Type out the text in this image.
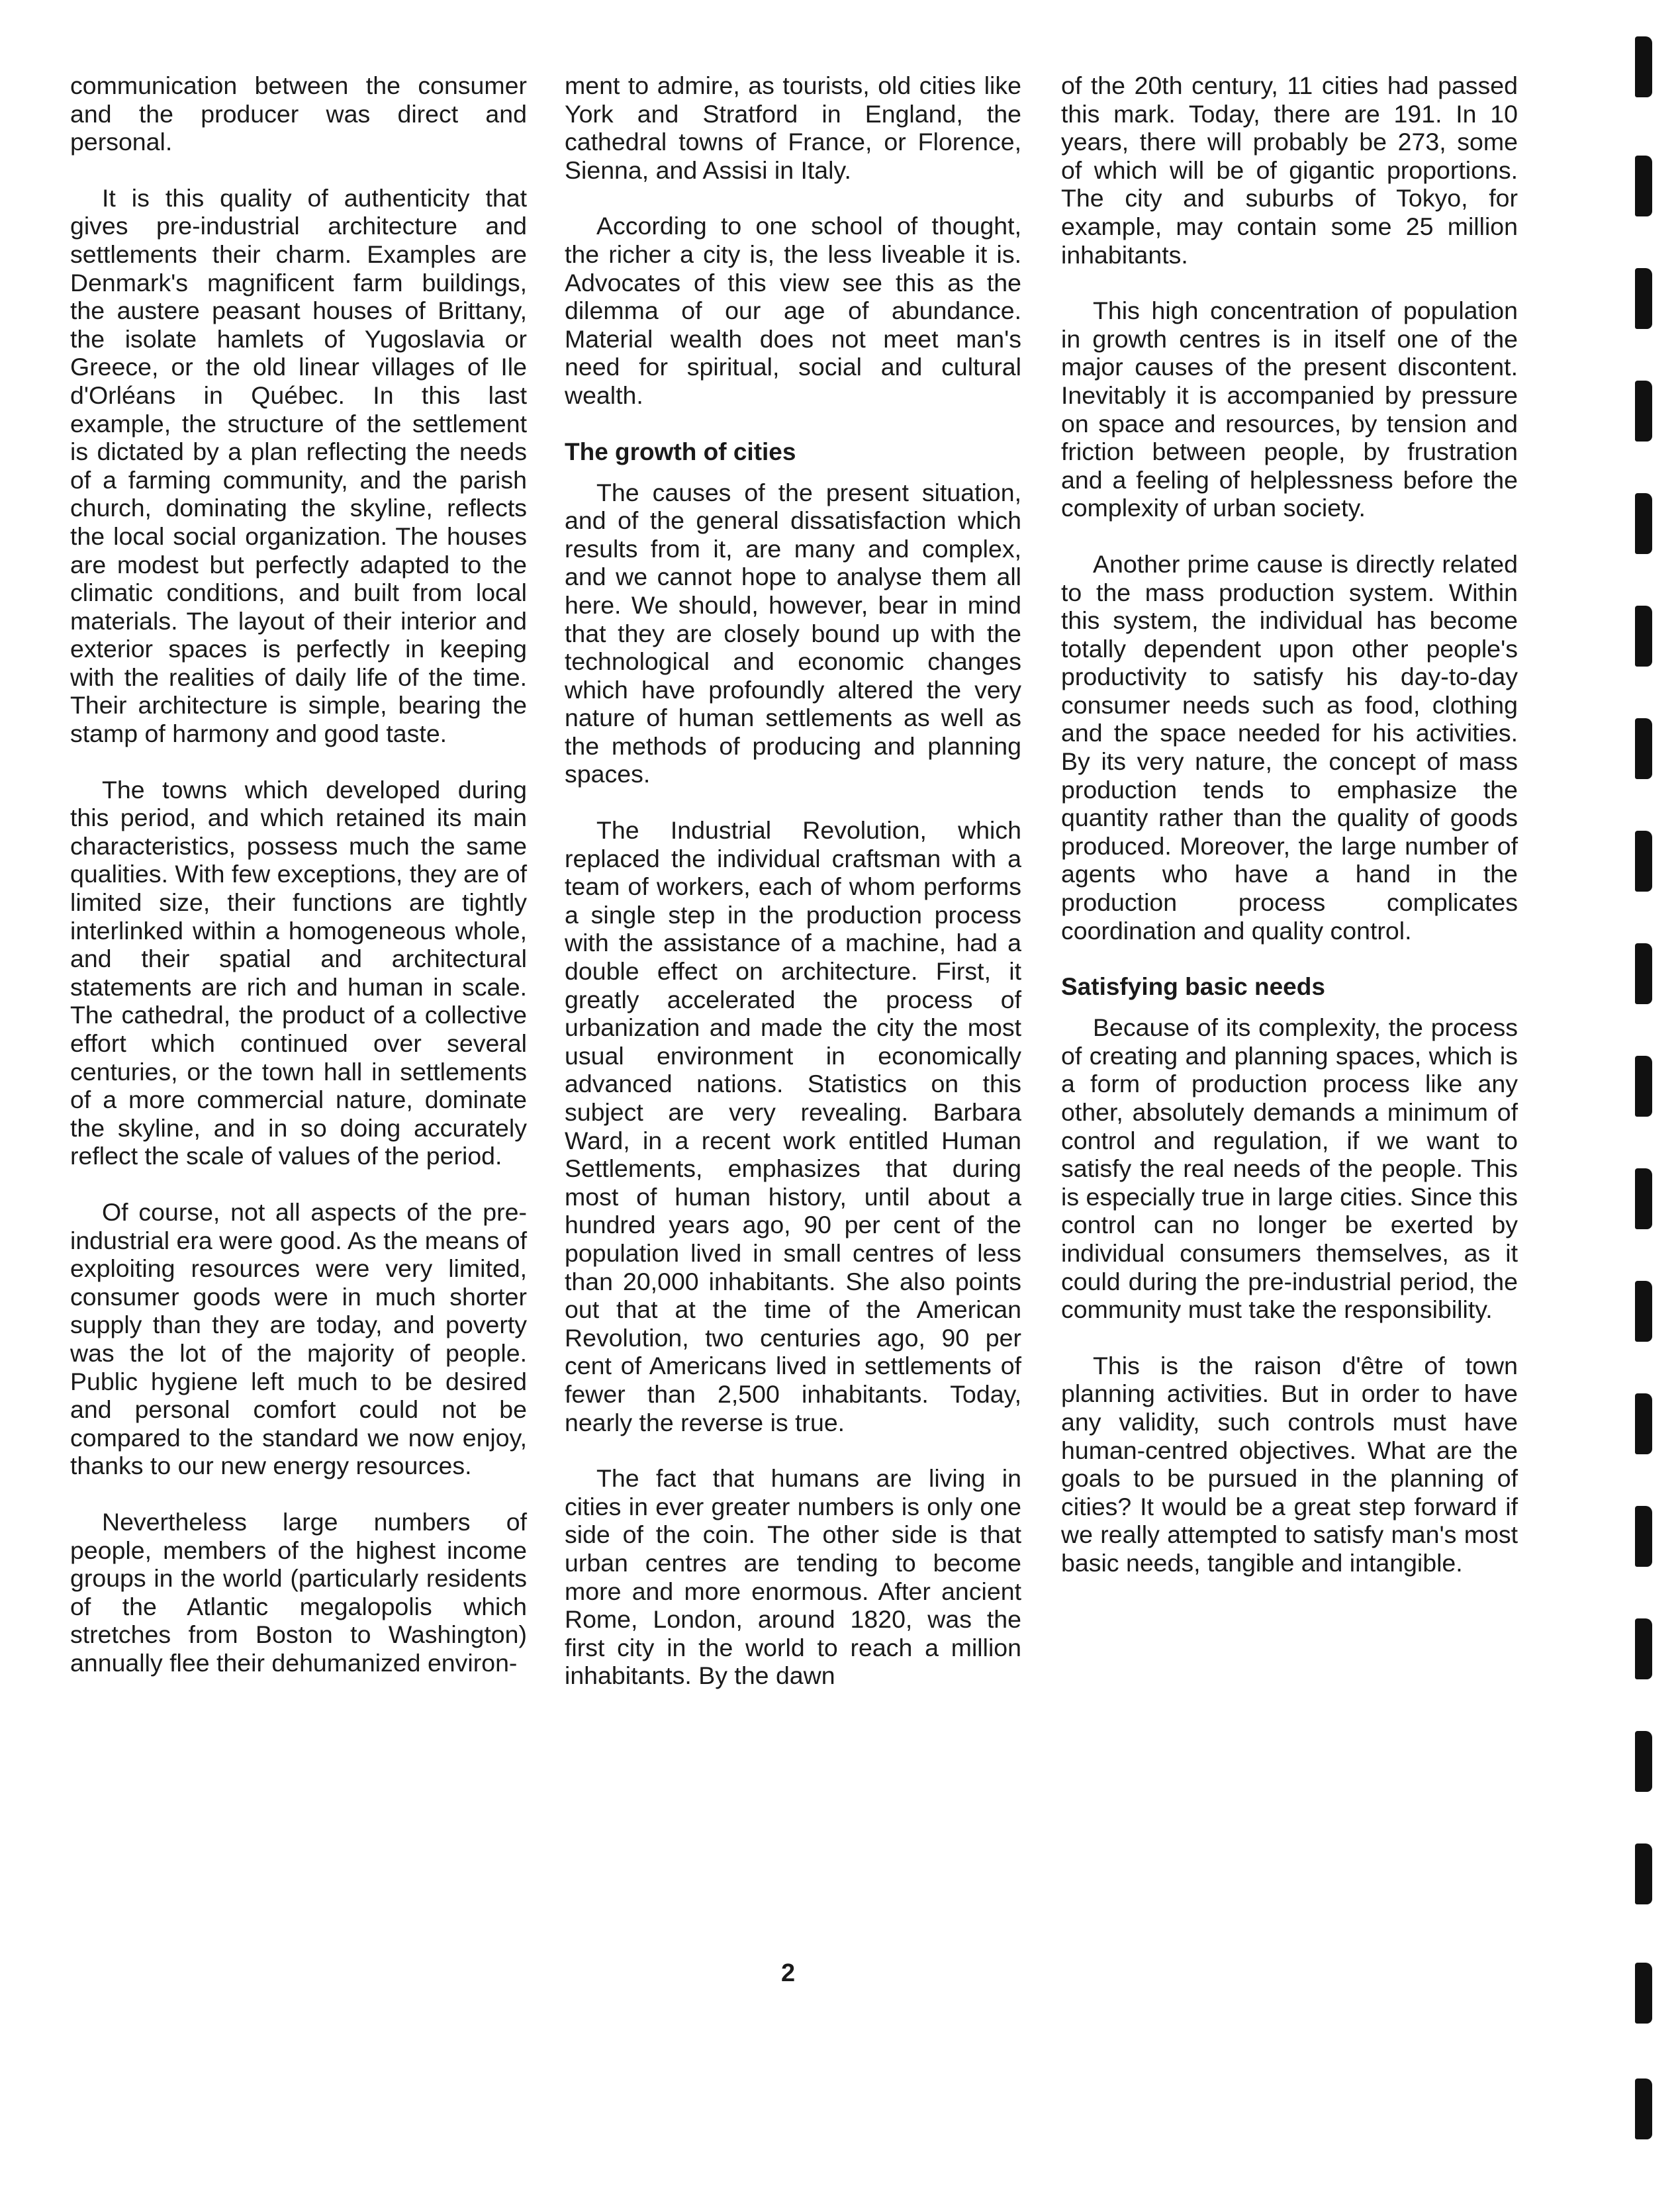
communication between the consumer and the producer was direct and personal.

It is this quality of authenticity that gives pre-industrial architecture and settlements their charm. Examples are Denmark's magnificent farm buildings, the austere peasant houses of Brittany, the isolate hamlets of Yugoslavia or Greece, or the old linear villages of Ile d'Orléans in Québec. In this last example, the structure of the settlement is dictated by a plan reflecting the needs of a farming community, and the parish church, dominating the skyline, reflects the local social organization. The houses are modest but perfectly adapted to the climatic conditions, and built from local materials. The layout of their interior and exterior spaces is perfectly in keeping with the realities of daily life of the time. Their architecture is simple, bearing the stamp of harmony and good taste.

The towns which developed during this period, and which retained its main characteristics, possess much the same qualities. With few exceptions, they are of limited size, their functions are tightly interlinked within a homogeneous whole, and their spatial and architectural statements are rich and human in scale. The cathedral, the product of a collective effort which continued over several centuries, or the town hall in settlements of a more commercial nature, dominate the skyline, and in so doing accurately reflect the scale of values of the period.

Of course, not all aspects of the pre-industrial era were good. As the means of exploiting resources were very limited, consumer goods were in much shorter supply than they are today, and poverty was the lot of the majority of people. Public hygiene left much to be desired and personal comfort could not be compared to the standard we now enjoy, thanks to our new energy resources.

Nevertheless large numbers of people, members of the highest income groups in the world (particularly residents of the Atlantic megalopolis which stretches from Boston to Washington) annually flee their dehumanized environ-

ment to admire, as tourists, old cities like York and Stratford in England, the cathedral towns of France, or Florence, Sienna, and Assisi in Italy.

According to one school of thought, the richer a city is, the less liveable it is. Advocates of this view see this as the dilemma of our age of abundance. Material wealth does not meet man's need for spiritual, social and cultural wealth.

The growth of cities

The causes of the present situation, and of the general dissatisfaction which results from it, are many and complex, and we cannot hope to analyse them all here. We should, however, bear in mind that they are closely bound up with the technological and economic changes which have profoundly altered the very nature of human settlements as well as the methods of producing and planning spaces.

The Industrial Revolution, which replaced the individual craftsman with a team of workers, each of whom performs a single step in the production process with the assistance of a machine, had a double effect on architecture. First, it greatly accelerated the process of urbanization and made the city the most usual environment in economically advanced nations. Statistics on this subject are very revealing. Barbara Ward, in a recent work entitled Human Settlements, emphasizes that during most of human history, until about a hundred years ago, 90 per cent of the population lived in small centres of less than 20,000 inhabitants. She also points out that at the time of the American Revolution, two centuries ago, 90 per cent of Americans lived in settlements of fewer than 2,500 inhabitants. Today, nearly the reverse is true.

The fact that humans are living in cities in ever greater numbers is only one side of the coin. The other side is that urban centres are tending to become more and more enormous. After ancient Rome, London, around 1820, was the first city in the world to reach a million inhabitants. By the dawn

of the 20th century, 11 cities had passed this mark. Today, there are 191. In 10 years, there will probably be 273, some of which will be of gigantic proportions. The city and suburbs of Tokyo, for example, may contain some 25 million inhabitants.

This high concentration of population in growth centres is in itself one of the major causes of the present discontent. Inevitably it is accompanied by pressure on space and resources, by tension and friction between people, by frustration and a feeling of helplessness before the complexity of urban society.

Another prime cause is directly related to the mass production system. Within this system, the individual has become totally dependent upon other people's productivity to satisfy his day-to-day consumer needs such as food, clothing and the space needed for his activities. By its very nature, the concept of mass production tends to emphasize the quantity rather than the quality of goods produced. Moreover, the large number of agents who have a hand in the production process complicates coordination and quality control.

Satisfying basic needs

Because of its complexity, the process of creating and planning spaces, which is a form of production process like any other, absolutely demands a minimum of control and regulation, if we want to satisfy the real needs of the people. This is especially true in large cities. Since this control can no longer be exerted by individual consumers themselves, as it could during the pre-industrial period, the community must take the responsibility.

This is the raison d'être of town planning activities. But in order to have any validity, such controls must have human-centred objectives. What are the goals to be pursued in the planning of cities? It would be a great step forward if we really attempted to satisfy man's most basic needs, tangible and intangible.

2
